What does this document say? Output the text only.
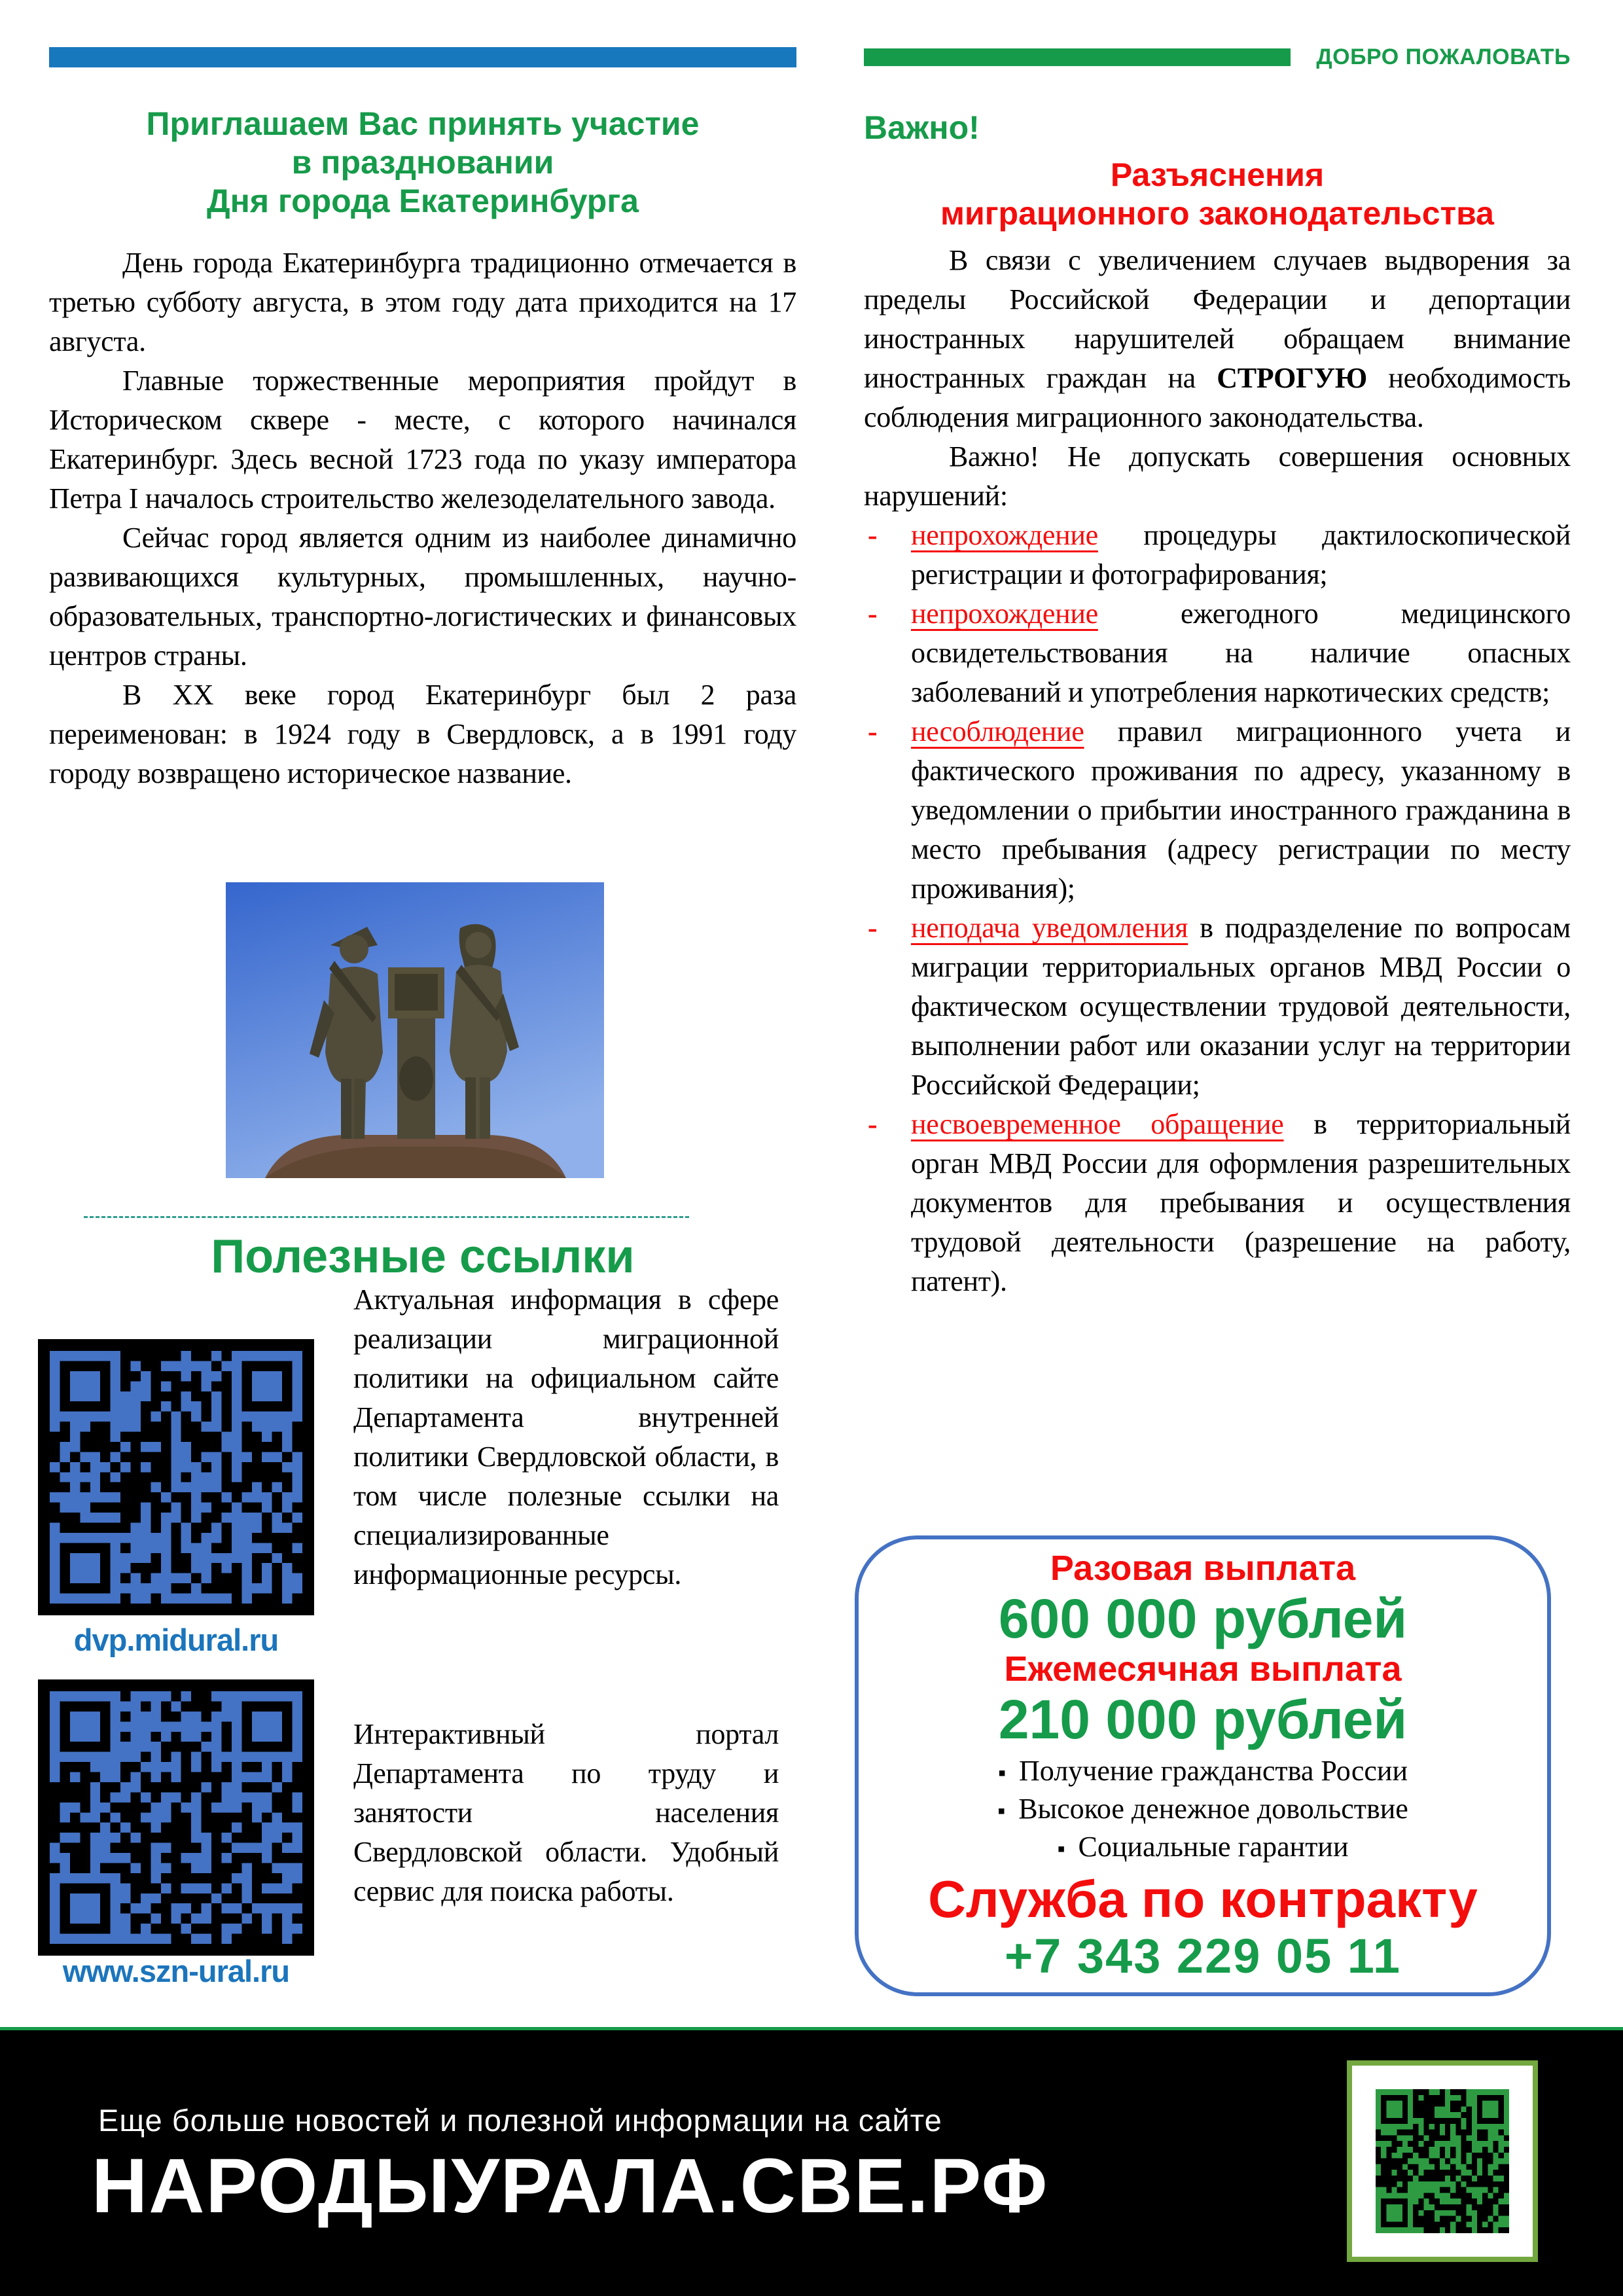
ДОБРО ПОЖАЛОВАТЬ
Приглашаем Вас принять участие
в праздновании
Дня города Екатеринбурга

День города Екатеринбурга традиционно отмечается в третью субботу августа, в этом году дата приходится на 17 августа.

Главные торжественные мероприятия пройдут в Историческом сквере - месте, с которого начинался Екатеринбург. Здесь весной 1723 года по указу императора Петра I началось строительство железоделательного завода.

Сейчас город является одним из наиболее динамично развивающихся культурных, промышленных, научно-образовательных, транспортно-логистических и финансовых центров страны.

В XX веке город Екатеринбург был 2 раза переименован: в 1924 году в Свердловск, а в 1991 году городу возвращено историческое название.

Полезные ссылки
dvp.midural.ru
Актуальная информация в сфере реализации миграционной политики на официальном сайте Департамента внутренней политики Свердловской области, в том числе полезные ссылки на специализированные информационные ресурсы.
www.szn-ural.ru
Интерактивный портал Департамента по труду и занятости населения Свердловской области. Удобный сервис для поиска работы.
Важно!
Разъяснения
миграционного законодательства

В связи с увеличением случаев выдворения за пределы Российской Федерации и депортации иностранных нарушителей обращаем внимание иностранных граждан на СТРОГУЮ необходимость соблюдения миграционного законодательства.

Важно! Не допускать совершения основных нарушений:

- непрохождение процедуры дактилоскопической регистрации и фотографирования;
- непрохождение ежегодного медицинского освидетельствования на наличие опасных заболеваний и употребления наркотических средств;
- несоблюдение правил миграционного учета и фактического проживания по адресу, указанному в уведомлении о прибытии иностранного гражданина в место пребывания (адресу регистрации по месту проживания);
- неподача уведомления в подразделение по вопросам миграции территориальных органов МВД России о фактическом осуществлении трудовой деятельности, выполнении работ или оказании услуг на территории Российской Федерации;
- несвоевременное обращение в территориальный орган МВД России для оформления разрешительных документов для пребывания и осуществления трудовой деятельности (разрешение на работу, патент).
Разовая выплата
600 000 рублей
Ежемесячная выплата
210 000 рублей
▪ Получение гражданства России
▪ Высокое денежное довольствие
▪ Социальные гарантии
Служба по контракту
+7 343 229 05 11
Еще больше новостей и полезной информации на сайте
НАРОДЫУРАЛА.СВЕ.РФ
